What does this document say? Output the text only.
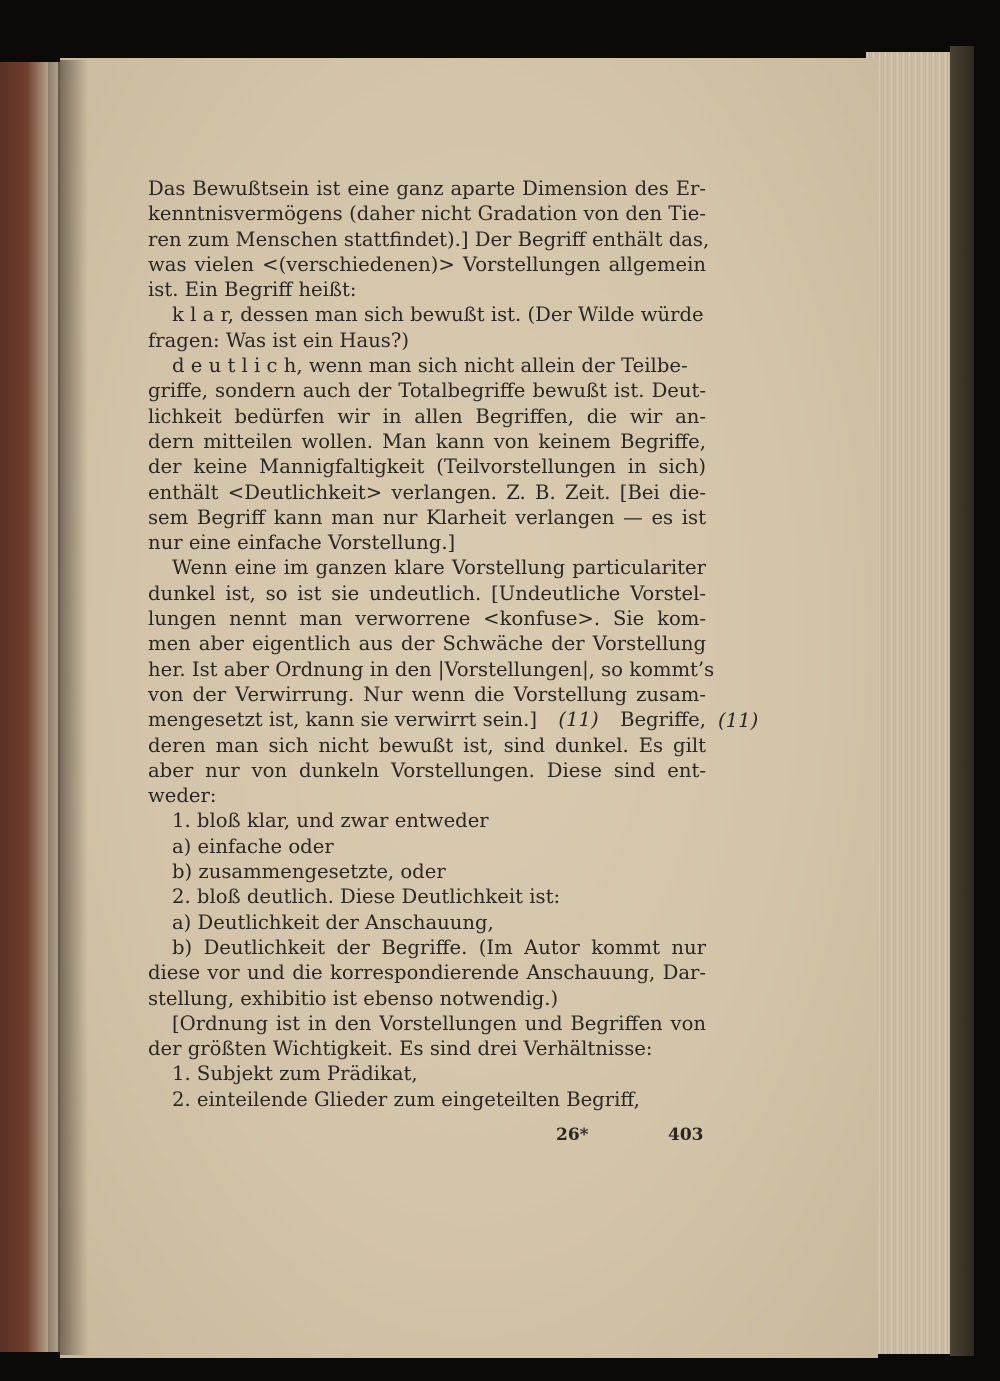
Das Bewußtsein ist eine ganz aparte Dimension des Er-
kenntnisvermögens (daher nicht Gradation von den Tie-
ren zum Menschen stattfindet).] Der Begriff enthält das,
was vielen <(verschiedenen)> Vorstellungen allgemein
ist. Ein Begriff heißt:
k l a r, dessen man sich bewußt ist. (Der Wilde würde
fragen: Was ist ein Haus?)
d e u t l i c h, wenn man sich nicht allein der Teilbe-
griffe, sondern auch der Totalbegriffe bewußt ist. Deut-
lichkeit bedürfen wir in allen Begriffen, die wir an-
dern mitteilen wollen. Man kann von keinem Begriffe,
der keine Mannigfaltigkeit (Teilvorstellungen in sich)
enthält <Deutlichkeit> verlangen. Z. B. Zeit. [Bei die-
sem Begriff kann man nur Klarheit verlangen — es ist
nur eine einfache Vorstellung.]
Wenn eine im ganzen klare Vorstellung particulariter
dunkel ist, so ist sie undeutlich. [Undeutliche Vorstel-
lungen nennt man verworrene <konfuse>. Sie kom-
men aber eigentlich aus der Schwäche der Vorstellung
her. Ist aber Ordnung in den |Vorstellungen|, so kommt’s
von der Verwirrung. Nur wenn die Vorstellung zusam-
mengesetzt ist, kann sie verwirrt sein.] (11) Begriffe,
deren man sich nicht bewußt ist, sind dunkel. Es gilt
aber nur von dunkeln Vorstellungen. Diese sind ent-
weder:
1. bloß klar, und zwar entweder
a) einfache oder
b) zusammengesetzte, oder
2. bloß deutlich. Diese Deutlichkeit ist:
a) Deutlichkeit der Anschauung,
b) Deutlichkeit der Begriffe. (Im Autor kommt nur
diese vor und die korrespondierende Anschauung, Dar-
stellung, exhibitio ist ebenso notwendig.)
[Ordnung ist in den Vorstellungen und Begriffen von
der größten Wichtigkeit. Es sind drei Verhältnisse:
1. Subjekt zum Prädikat,
2. einteilende Glieder zum eingeteilten Begriff,
(11)
26*	403
